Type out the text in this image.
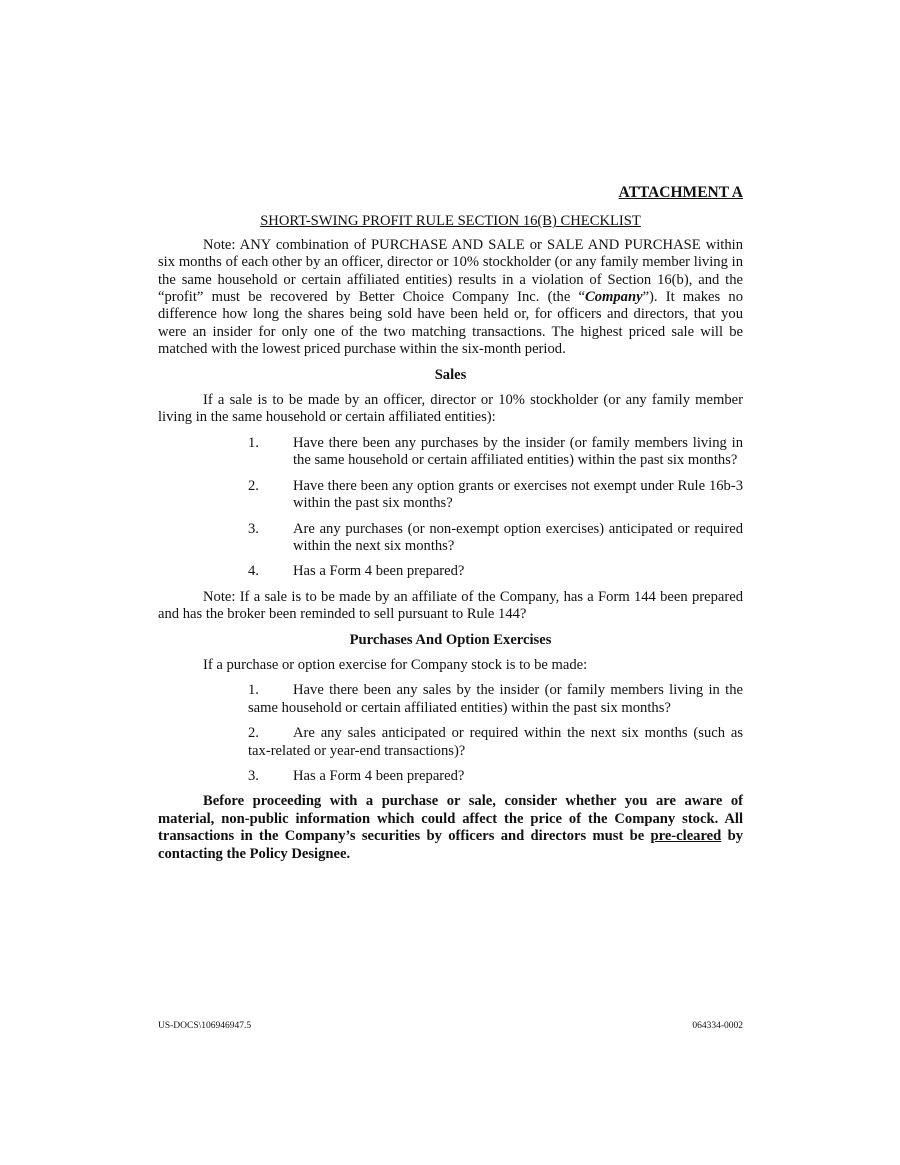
ATTACHMENT A

SHORT-SWING PROFIT RULE SECTION 16(B) CHECKLIST

Note: ANY combination of PURCHASE AND SALE or SALE AND PURCHASE within six months of each other by an officer, director or 10% stockholder (or any family member living in the same household or certain affiliated entities) results in a violation of Section 16(b), and the “profit” must be recovered by Better Choice Company Inc. (the “Company”). It makes no difference how long the shares being sold have been held or, for officers and directors, that you were an insider for only one of the two matching transactions. The highest priced sale will be matched with the lowest priced purchase within the six-month period.

Sales

If a sale is to be made by an officer, director or 10% stockholder (or any family member living in the same household or certain affiliated entities):

1.	Have there been any purchases by the insider (or family members living in the same household or certain affiliated entities) within the past six months?
2.	Have there been any option grants or exercises not exempt under Rule 16b-3 within the past six months?
3.	Are any purchases (or non-exempt option exercises) anticipated or required within the next six months?
4.	Has a Form 4 been prepared?

Note: If a sale is to be made by an affiliate of the Company, has a Form 144 been prepared and has the broker been reminded to sell pursuant to Rule 144?

Purchases And Option Exercises

If a purchase or option exercise for Company stock is to be made:

1. Have there been any sales by the insider (or family members living in the same household or certain affiliated entities) within the past six months?

2. Are any sales anticipated or required within the next six months (such as tax-related or year-end transactions)?

3. Has a Form 4 been prepared?

Before proceeding with a purchase or sale, consider whether you are aware of material, non-public information which could affect the price of the Company stock. All transactions in the Company’s securities by officers and directors must be pre-cleared by contacting the Policy Designee.

US-DOCS\106946947.5	064334-0002
